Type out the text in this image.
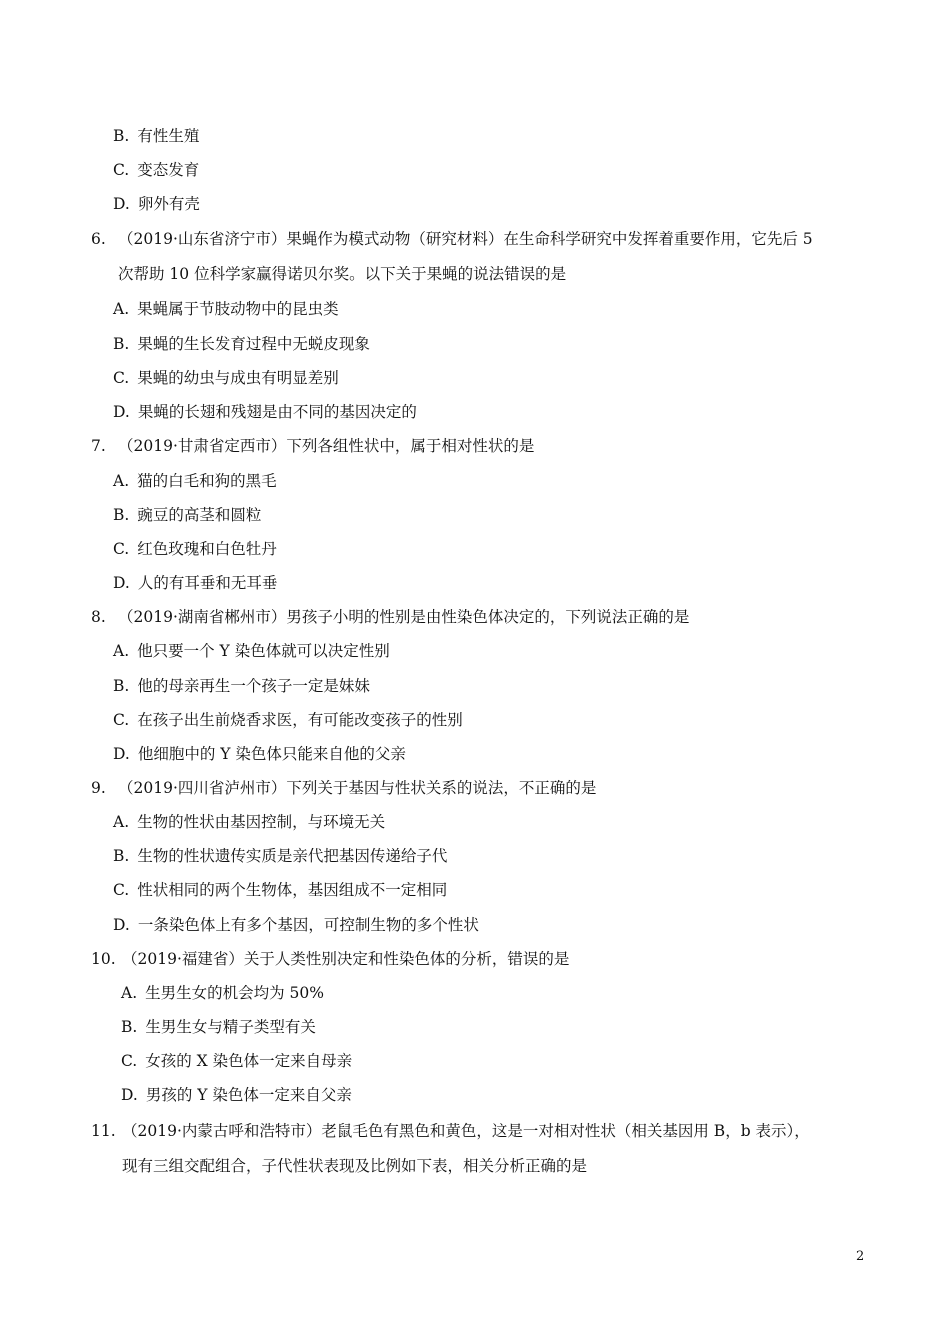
B. 有性生殖
C. 变态发育
D. 卵外有壳
6. （2019·山东省济宁市）果蝇作为模式动物（研究材料）在生命科学研究中发挥着重要作用，它先后 5
次帮助 10 位科学家赢得诺贝尔奖。以下关于果蝇的说法错误的是
A. 果蝇属于节肢动物中的昆虫类
B. 果蝇的生长发育过程中无蜕皮现象
C. 果蝇的幼虫与成虫有明显差别
D. 果蝇的长翅和残翅是由不同的基因决定的
7. （2019·甘肃省定西市）下列各组性状中，属于相对性状的是
A. 猫的白毛和狗的黑毛
B. 豌豆的高茎和圆粒
C. 红色玫瑰和白色牡丹
D. 人的有耳垂和无耳垂
8. （2019·湖南省郴州市）男孩子小明的性别是由性染色体决定的，下列说法正确的是
A. 他只要一个 Y 染色体就可以决定性别
B. 他的母亲再生一个孩子一定是妹妹
C. 在孩子出生前烧香求医，有可能改变孩子的性别
D. 他细胞中的 Y 染色体只能来自他的父亲
9. （2019·四川省泸州市）下列关于基因与性状关系的说法，不正确的是
A. 生物的性状由基因控制，与环境无关
B. 生物的性状遗传实质是亲代把基因传递给子代
C. 性状相同的两个生物体，基因组成不一定相同
D. 一条染色体上有多个基因，可控制生物的多个性状
10. （2019·福建省）关于人类性别决定和性染色体的分析，错误的是
A. 生男生女的机会均为 50%
B. 生男生女与精子类型有关
C. 女孩的 X 染色体一定来自母亲
D. 男孩的 Y 染色体一定来自父亲
11. （2019·内蒙古呼和浩特市）老鼠毛色有黑色和黄色，这是一对相对性状（相关基因用 B，b 表示），
现有三组交配组合，子代性状表现及比例如下表，相关分析正确的是
2
